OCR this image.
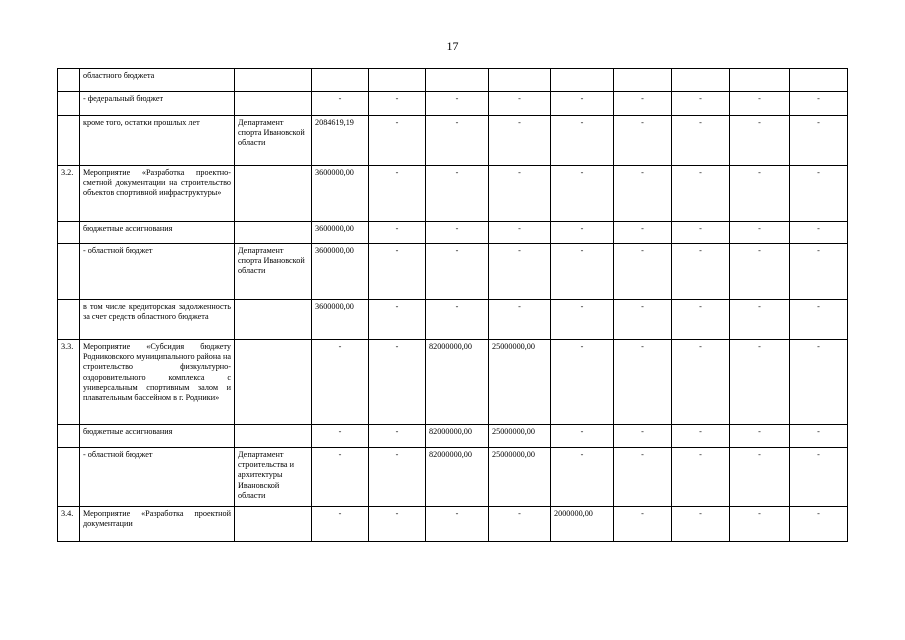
17
	областного бюджета										
	- федеральный бюджет		-	-	-	-	-	-	-	-	-
	кроме того, остатки прошлых лет	Департамент спорта Ивановской области	2084619,19	-	-	-	-	-	-	-	-
3.2.	Мероприятие «Разработка проектно-сметной документации на строительство объектов спортивной инфраструктуры»		3600000,00	-	-	-	-	-	-	-	-
	бюджетные ассигнования		3600000,00	-	-	-	-	-	-	-	-
	- областной бюджет	Департамент спорта Ивановской области	3600000,00	-	-	-	-	-	-	-	-
	в том числе кредиторская задолженность за счет средств областного бюджета		3600000,00	-	-	-	-	-	-	-	-
3.3.	Мероприятие «Субсидия бюджету Родниковского муниципального района на строительство физкультурно-оздоровительного комплекса с универсальным спортивным залом и плавательным бассейном в г. Родники»		-	-	82000000,00	25000000,00	-	-	-	-	-
	бюджетные ассигнования		-	-	82000000,00	25000000,00	-	-	-	-	-
	- областной бюджет	Департамент строительства и архитектуры Ивановской области	-	-	82000000,00	25000000,00	-	-	-	-	-
3.4.	Мероприятие «Разработка проектной документации		-	-	-	-	2000000,00	-	-	-	-
